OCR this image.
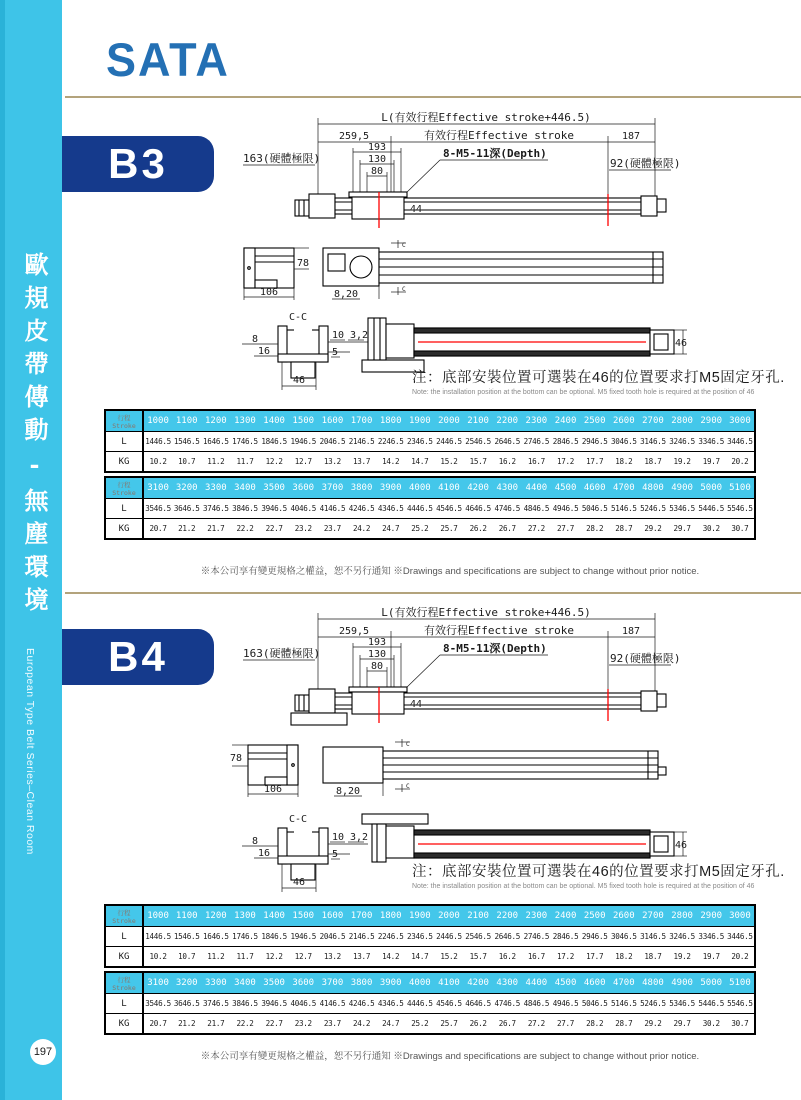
歐規皮帶傳動-無塵環境
European Type Belt Series–Clean Room
197
SATA
B3
L(有效行程Effective stroke+446.5)
259,5	有效行程Effective stroke	187
163(硬體極限)	92(硬體極限)
193
130
80
8-M5-11深(Depth)
44
78
106	8,20
C
C
C-C
8
16
10 3,2
5
46
46
注：底部安裝位置可選裝在46的位置要求打M5固定牙孔.
Note: the installation position at the bottom can be optional. M5 fixed tooth hole is required at the position of 46
行程Stroke	1000	1100	1200	1300	1400	1500	1600	1700	1800	1900	2000	2100	2200	2300	2400	2500	2600	2700	2800	2900	3000
L	1446.5	1546.5	1646.5	1746.5	1846.5	1946.5	2046.5	2146.5	2246.5	2346.5	2446.5	2546.5	2646.5	2746.5	2846.5	2946.5	3046.5	3146.5	3246.5	3346.5	3446.5
KG	10.2	10.7	11.2	11.7	12.2	12.7	13.2	13.7	14.2	14.7	15.2	15.7	16.2	16.7	17.2	17.7	18.2	18.7	19.2	19.7	20.2
行程Stroke	3100	3200	3300	3400	3500	3600	3700	3800	3900	4000	4100	4200	4300	4400	4500	4600	4700	4800	4900	5000	5100
L	3546.5	3646.5	3746.5	3846.5	3946.5	4046.5	4146.5	4246.5	4346.5	4446.5	4546.5	4646.5	4746.5	4846.5	4946.5	5046.5	5146.5	5246.5	5346.5	5446.5	5546.5
KG	20.7	21.2	21.7	22.2	22.7	23.2	23.7	24.2	24.7	25.2	25.7	26.2	26.7	27.2	27.7	28.2	28.7	29.2	29.7	30.2	30.7
※本公司享有變更規格之權益，恕不另行通知 ※Drawings and specifications are subject to change without prior notice.
B4
L(有效行程Effective stroke+446.5)
259,5	有效行程Effective stroke	187
163(硬體極限)	92(硬體極限)
193
130
80
8-M5-11深(Depth)
44
78
106	8,20
C
C
C-C
8
16
10 3,2
5
46
46
注：底部安裝位置可選裝在46的位置要求打M5固定牙孔.
Note: the installation position at the bottom can be optional. M5 fixed tooth hole is required at the position of 46
行程Stroke	1000	1100	1200	1300	1400	1500	1600	1700	1800	1900	2000	2100	2200	2300	2400	2500	2600	2700	2800	2900	3000
L	1446.5	1546.5	1646.5	1746.5	1846.5	1946.5	2046.5	2146.5	2246.5	2346.5	2446.5	2546.5	2646.5	2746.5	2846.5	2946.5	3046.5	3146.5	3246.5	3346.5	3446.5
KG	10.2	10.7	11.2	11.7	12.2	12.7	13.2	13.7	14.2	14.7	15.2	15.7	16.2	16.7	17.2	17.7	18.2	18.7	19.2	19.7	20.2
行程Stroke	3100	3200	3300	3400	3500	3600	3700	3800	3900	4000	4100	4200	4300	4400	4500	4600	4700	4800	4900	5000	5100
L	3546.5	3646.5	3746.5	3846.5	3946.5	4046.5	4146.5	4246.5	4346.5	4446.5	4546.5	4646.5	4746.5	4846.5	4946.5	5046.5	5146.5	5246.5	5346.5	5446.5	5546.5
KG	20.7	21.2	21.7	22.2	22.7	23.2	23.7	24.2	24.7	25.2	25.7	26.2	26.7	27.2	27.7	28.2	28.7	29.2	29.7	30.2	30.7
※本公司享有變更規格之權益，恕不另行通知 ※Drawings and specifications are subject to change without prior notice.
